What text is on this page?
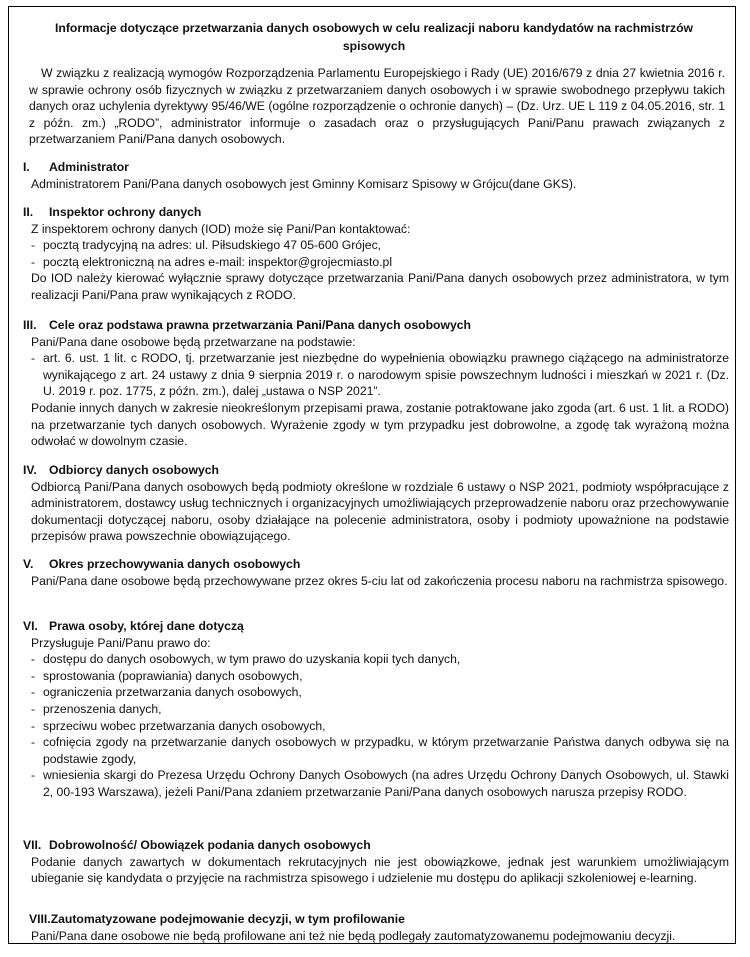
Informacje dotyczące przetwarzania danych osobowych w celu realizacji naboru kandydatów na rachmistrzów spisowych
W związku z realizacją wymogów Rozporządzenia Parlamentu Europejskiego i Rady (UE) 2016/679 z dnia 27 kwietnia 2016 r. w sprawie ochrony osób fizycznych w związku z przetwarzaniem danych osobowych i w sprawie swobodnego przepływu takich danych oraz uchylenia dyrektywy 95/46/WE (ogólne rozporządzenie o ochronie danych) – (Dz. Urz. UE L 119 z 04.05.2016, str. 1 z późn. zm.) „RODO”, administrator informuje o zasadach oraz o przysługujących Pani/Panu prawach związanych z przetwarzaniem Pani/Pana danych osobowych.
I. Administrator
Administratorem Pani/Pana danych osobowych jest Gminny Komisarz Spisowy w Grójcu(dane GKS).
II. Inspektor ochrony danych
Z inspektorem ochrony danych (IOD) może się Pani/Pan kontaktować:
- pocztą tradycyjną na adres: ul. Piłsudskiego 47 05-600 Grójec,
- pocztą elektroniczną na adres e-mail: inspektor@grojecmiasto.pl
Do IOD należy kierować wyłącznie sprawy dotyczące przetwarzania Pani/Pana danych osobowych przez administratora, w tym realizacji Pani/Pana praw wynikających z RODO.
III. Cele oraz podstawa prawna przetwarzania Pani/Pana danych osobowych
Pani/Pana dane osobowe będą przetwarzane na podstawie:
- art. 6. ust. 1 lit. c RODO, tj. przetwarzanie jest niezbędne do wypełnienia obowiązku prawnego ciążącego na administratorze wynikającego z art. 24 ustawy z dnia 9 sierpnia 2019 r. o narodowym spisie powszechnym ludności i mieszkań w 2021 r. (Dz. U. 2019 r. poz. 1775, z późn. zm.), dalej „ustawa o NSP 2021”.
Podanie innych danych w zakresie nieokreślonym przepisami prawa, zostanie potraktowane jako zgoda (art. 6 ust. 1 lit. a RODO) na przetwarzanie tych danych osobowych. Wyrażenie zgody w tym przypadku jest dobrowolne, a zgodę tak wyrażoną można odwołać w dowolnym czasie.
IV. Odbiorcy danych osobowych
Odbiorcą Pani/Pana danych osobowych będą podmioty określone w rozdziale 6 ustawy o NSP 2021, podmioty współpracujące z administratorem, dostawcy usług technicznych i organizacyjnych umożliwiających przeprowadzenie naboru oraz przechowywanie dokumentacji dotyczącej naboru, osoby działające na polecenie administratora, osoby i podmioty upoważnione na podstawie przepisów prawa powszechnie obowiązującego.
V. Okres przechowywania danych osobowych
Pani/Pana dane osobowe będą przechowywane przez okres 5-ciu lat od zakończenia procesu naboru na rachmistrza spisowego.
VI. Prawa osoby, której dane dotyczą
Przysługuje Pani/Panu prawo do:
- dostępu do danych osobowych, w tym prawo do uzyskania kopii tych danych,
- sprostowania (poprawiania) danych osobowych,
- ograniczenia przetwarzania danych osobowych,
- przenoszenia danych,
- sprzeciwu wobec przetwarzania danych osobowych,
- cofnięcia zgody na przetwarzanie danych osobowych w przypadku, w którym przetwarzanie Państwa danych odbywa się na podstawie zgody,
- wniesienia skargi do Prezesa Urzędu Ochrony Danych Osobowych (na adres Urzędu Ochrony Danych Osobowych, ul. Stawki 2, 00-193 Warszawa), jeżeli Pani/Pana zdaniem przetwarzanie Pani/Pana danych osobowych narusza przepisy RODO.
VII. Dobrowolność/ Obowiązek podania danych osobowych
Podanie danych zawartych w dokumentach rekrutacyjnych nie jest obowiązkowe, jednak jest warunkiem umożliwiającym ubieganie się kandydata o przyjęcie na rachmistrza spisowego i udzielenie mu dostępu do aplikacji szkoleniowej e-learning.
VIII.Zautomatyzowane podejmowanie decyzji, w tym profilowanie
Pani/Pana dane osobowe nie będą profilowane ani też nie będą podlegały zautomatyzowanemu podejmowaniu decyzji.
